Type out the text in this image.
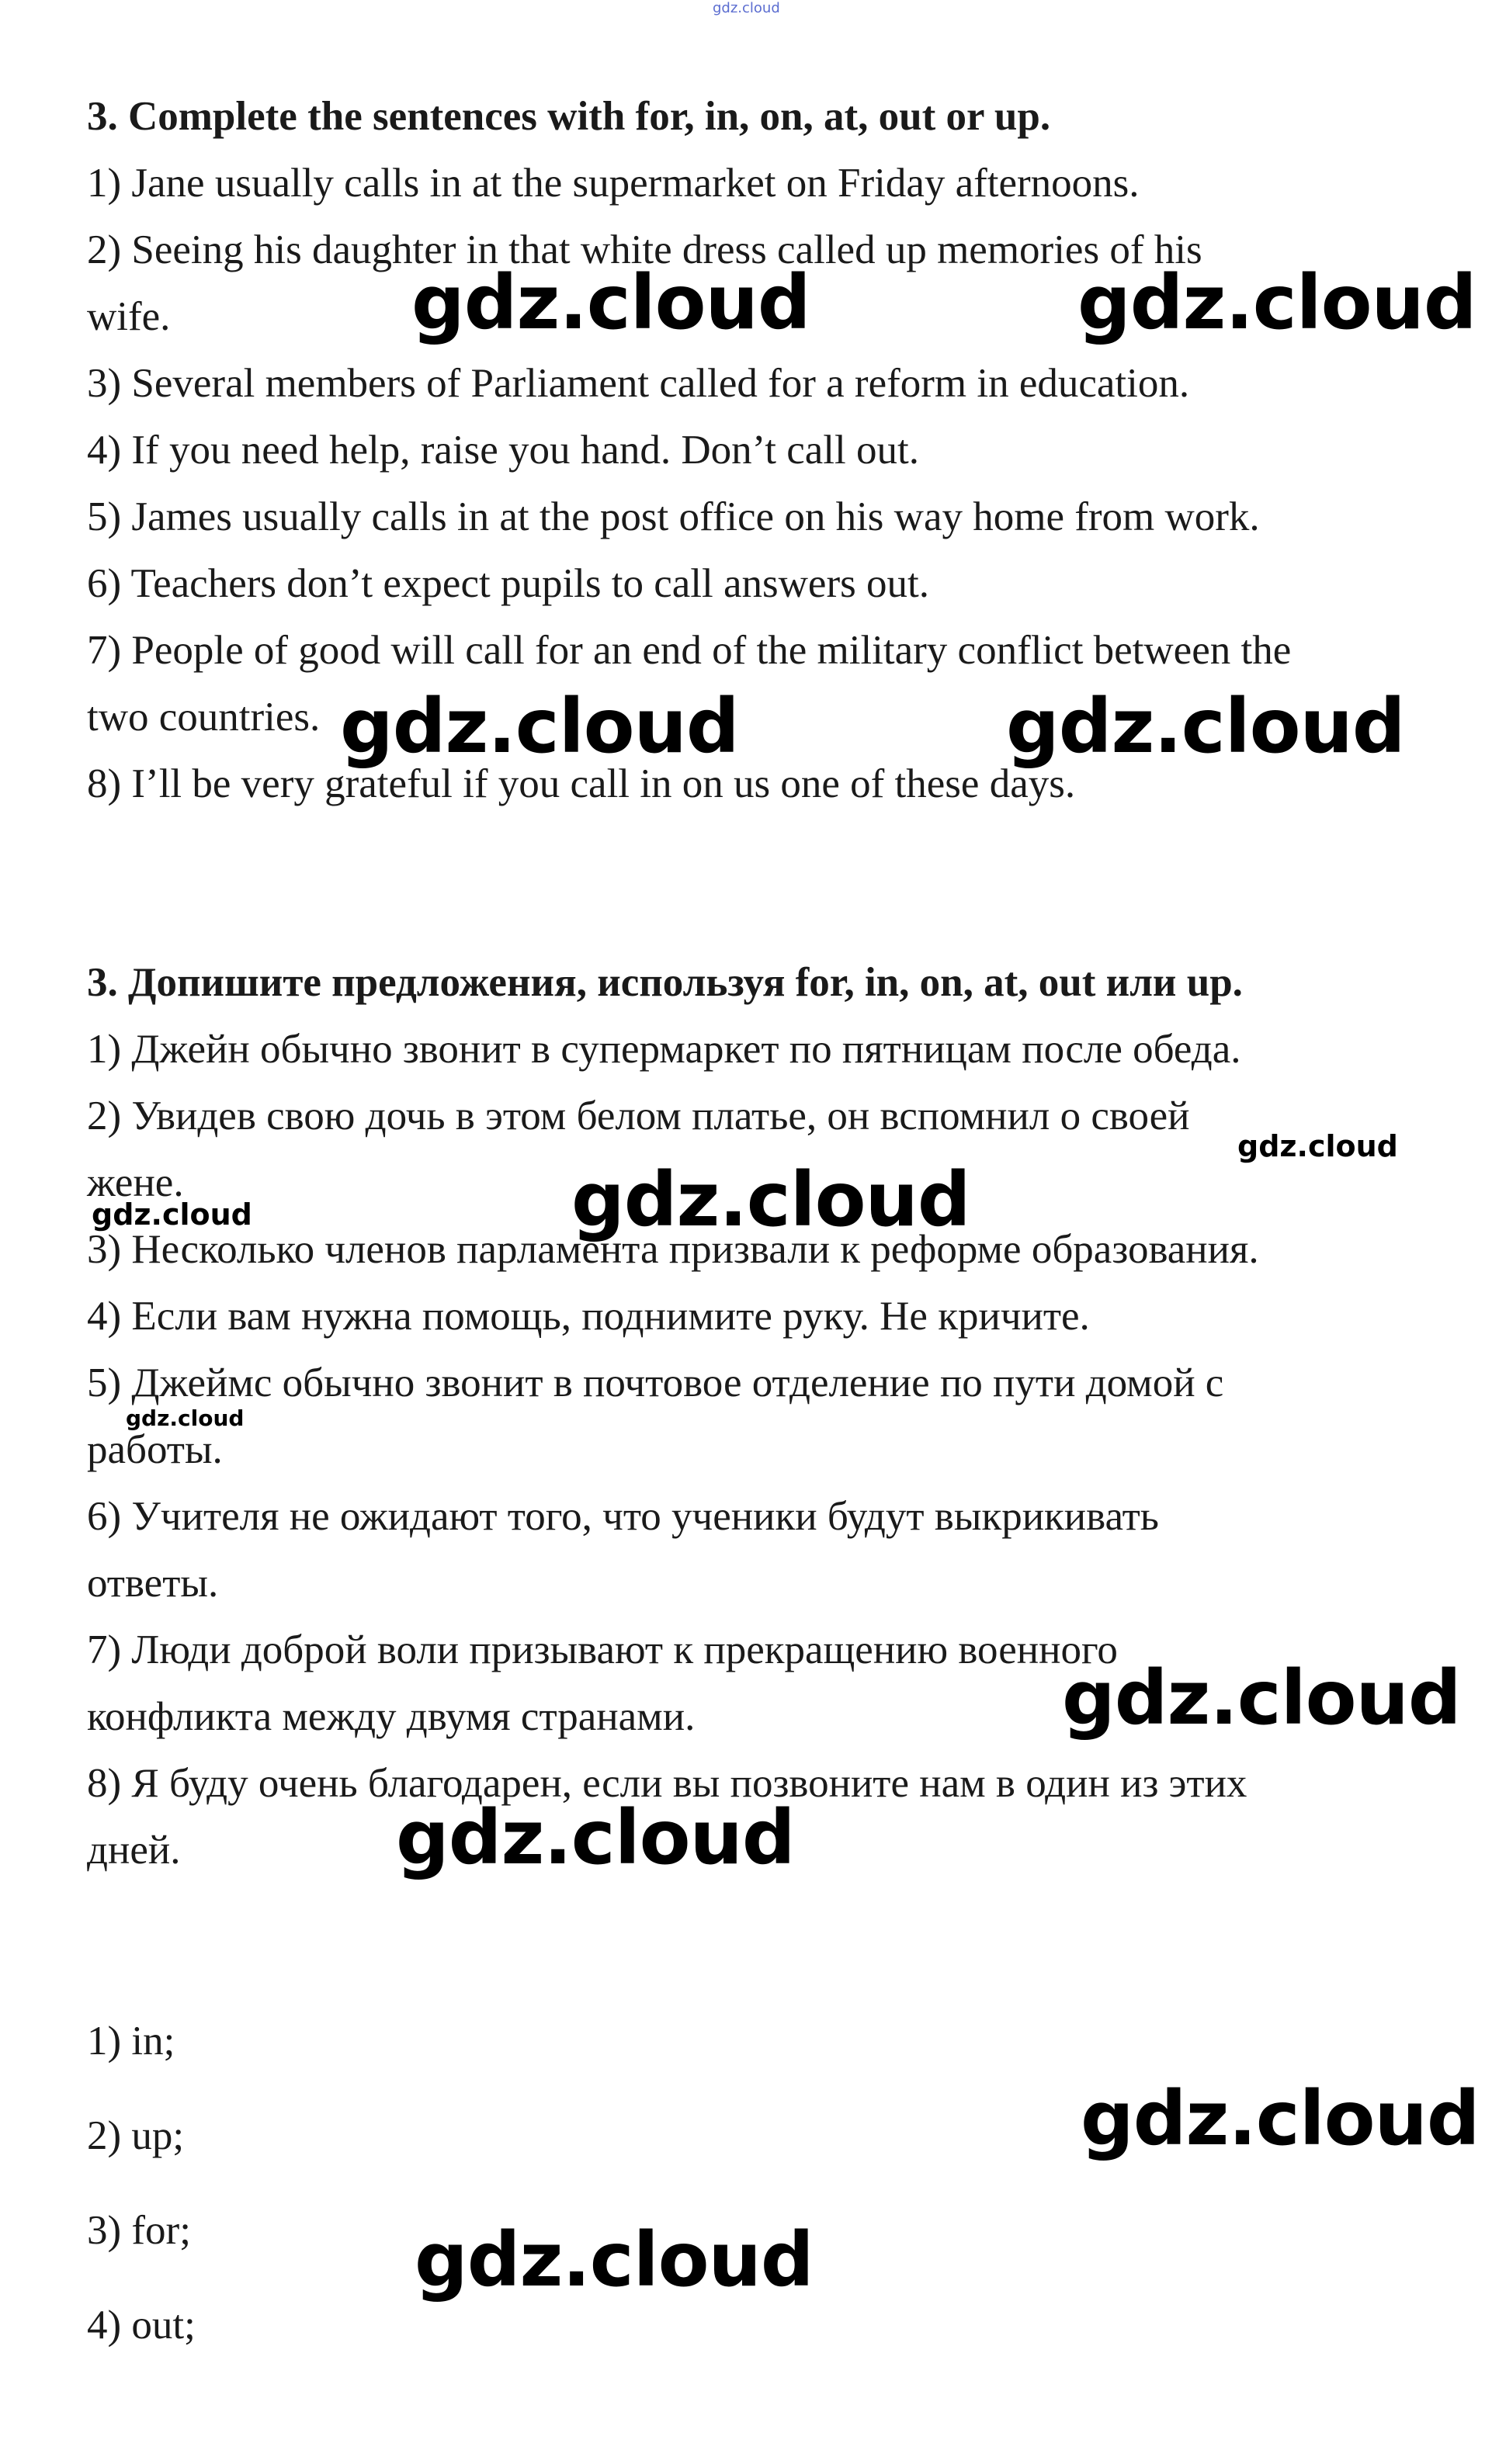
gdz.cloud
3. Complete the sentences with for, in, on, at, out or up.
1) Jane usually calls in at the supermarket on Friday afternoons.
2) Seeing his daughter in that white dress called up memories of his
wife.
3) Several members of Parliament called for a reform in education.
4) If you need help, raise you hand. Don’t call out.
5) James usually calls in at the post office on his way home from work.
6) Teachers don’t expect pupils to call answers out.
7) People of good will call for an end of the military conflict between the
two countries.
8) I’ll be very grateful if you call in on us one of these days.
3. Допишите предложения, используя for, in, on, at, out или up.
1) Джейн обычно звонит в супермаркет по пятницам после обеда.
2) Увидев свою дочь в этом белом платье, он вспомнил о своей
жене.
3) Несколько членов парламента призвали к реформе образования.
4) Если вам нужна помощь, поднимите руку. Не кричите.
5) Джеймс обычно звонит в почтовое отделение по пути домой с
работы.
6) Учителя не ожидают того, что ученики будут выкрикивать
ответы.
7) Люди доброй воли призывают к прекращению военного
конфликта между двумя странами.
8) Я буду очень благодарен, если вы позвоните нам в один из этих
дней.
1) in;
2) up;
3) for;
4) out;
gdz.cloud	gdz.cloud
gdz.cloud	gdz.cloud
gdz.cloud
gdz.cloud	gdz.cloud
gdz.cloud
gdz.cloud
gdz.cloud
gdz.cloud
gdz.cloud
